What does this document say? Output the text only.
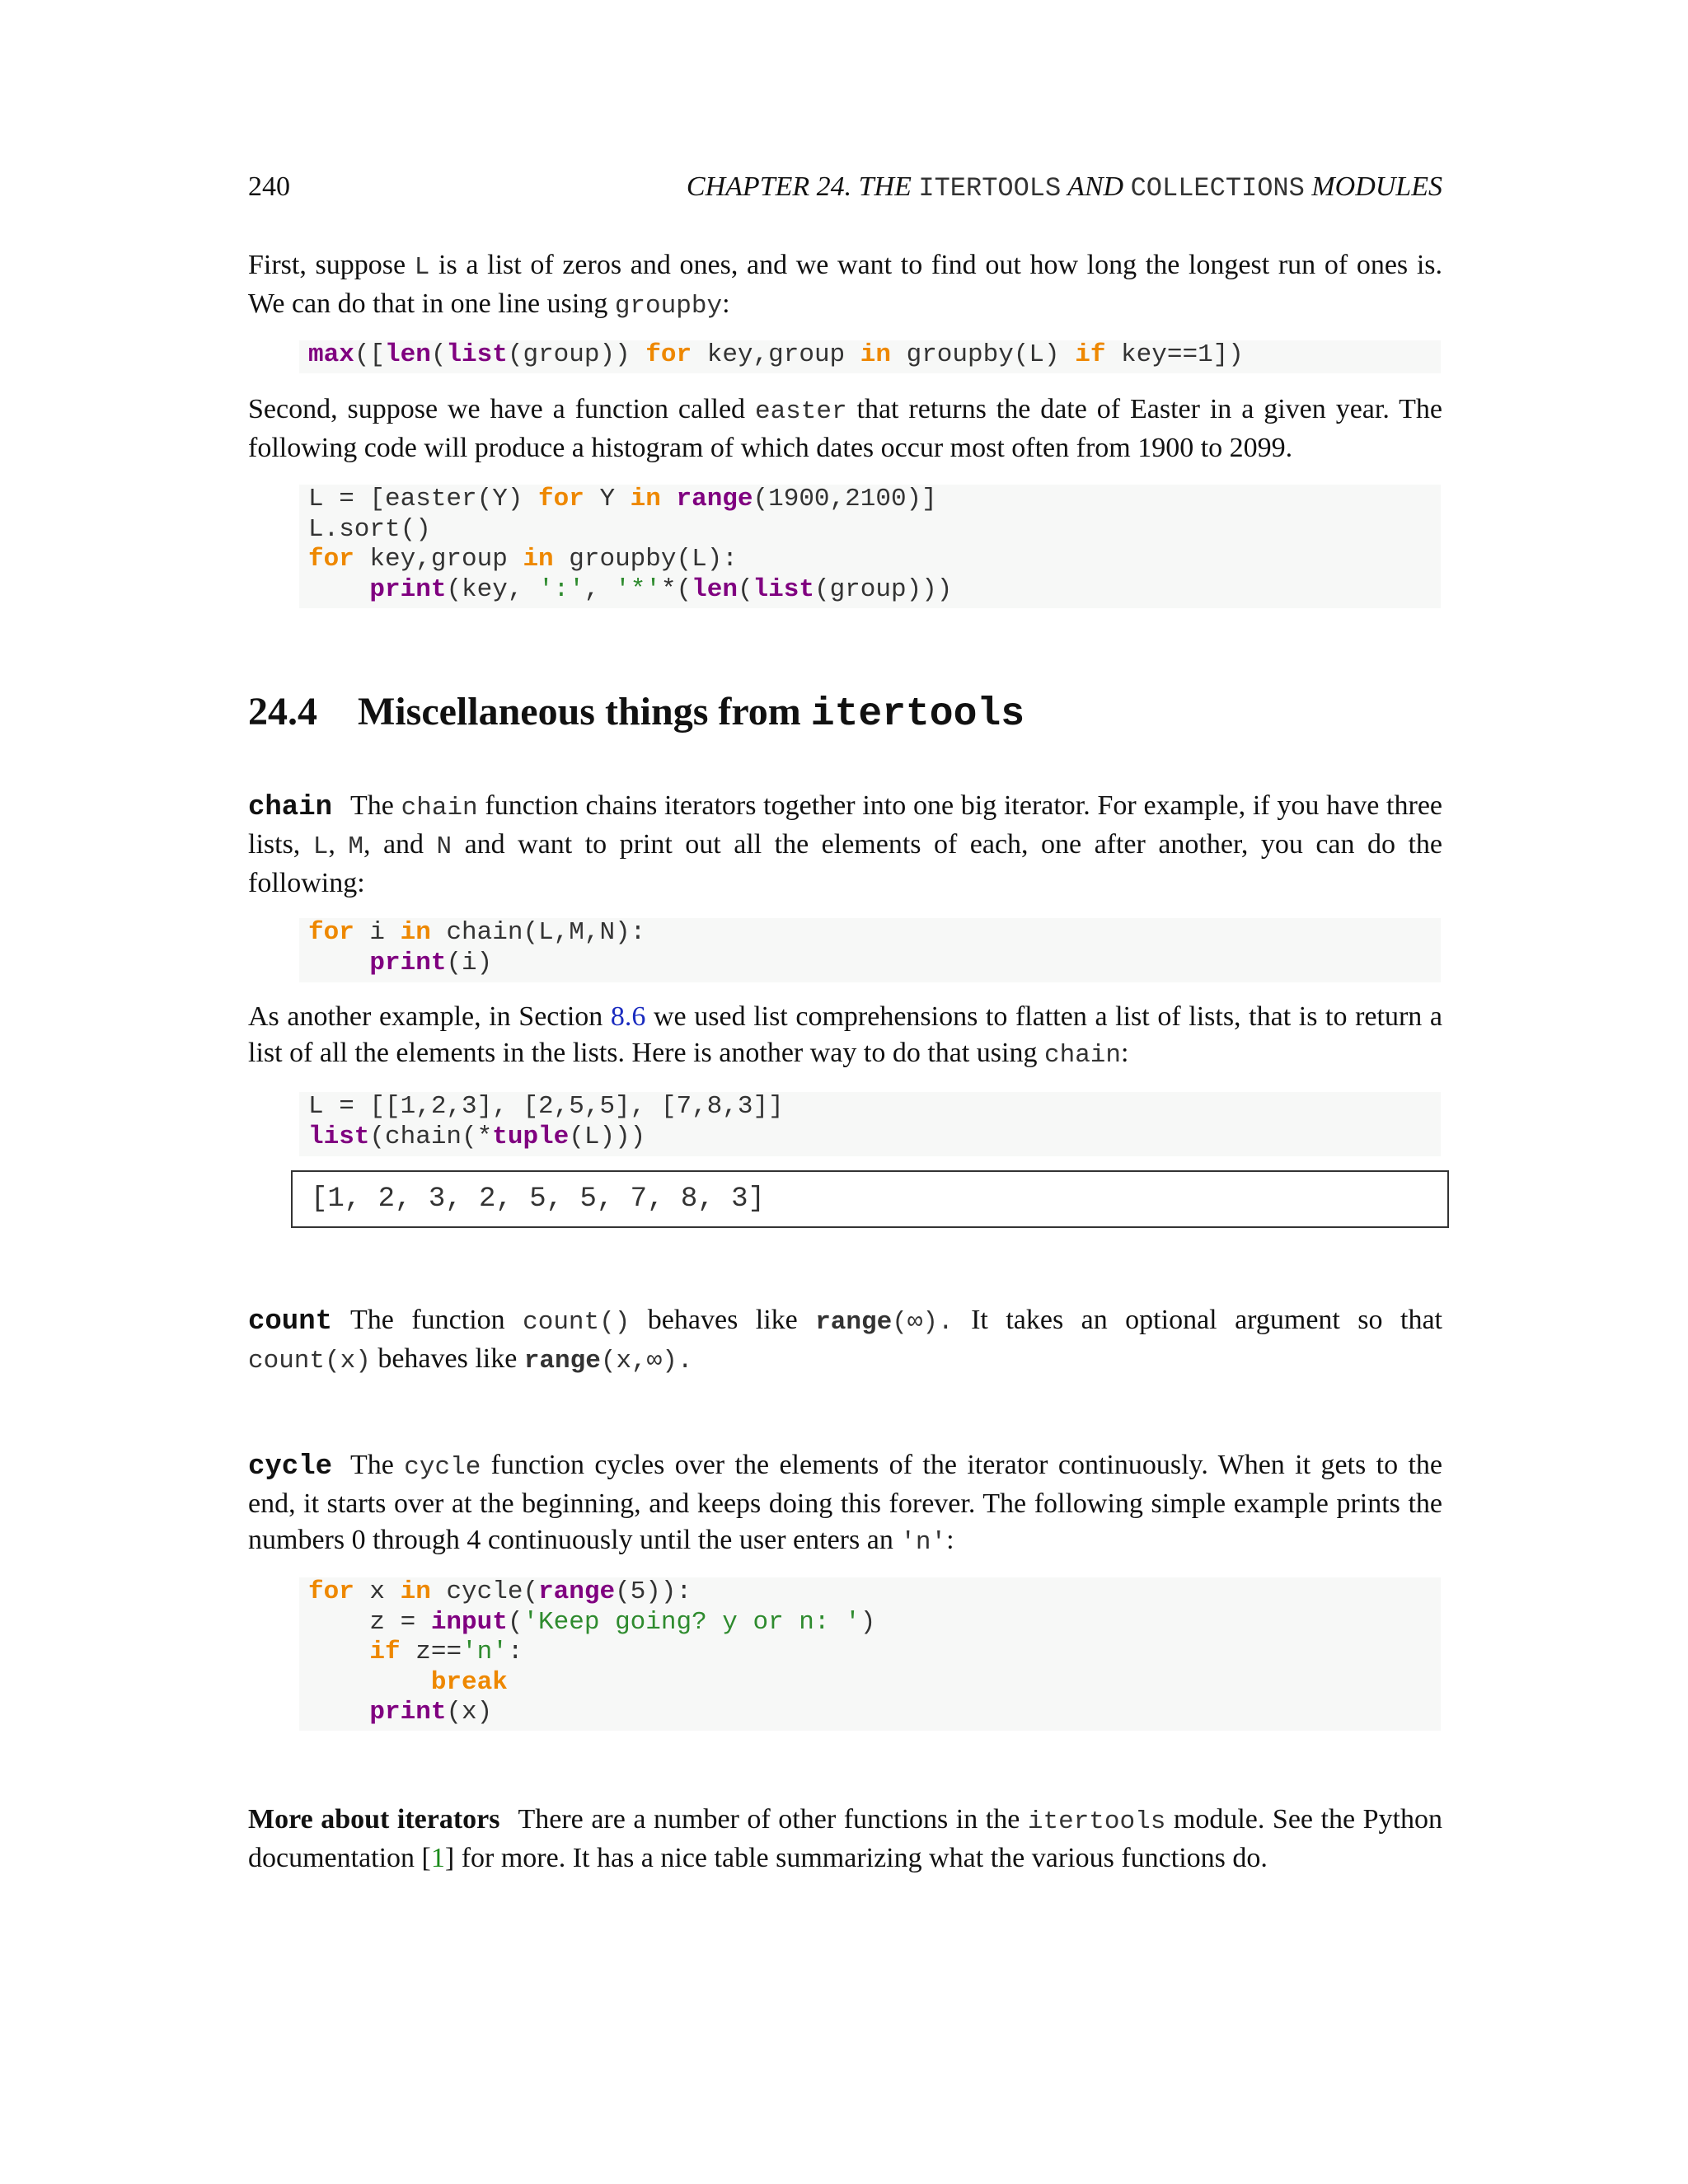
240	CHAPTER 24. THE ITERTOOLS AND COLLECTIONS MODULES
First, suppose L is a list of zeros and ones, and we want to find out how long the longest run of ones is. We can do that in one line using groupby:
max([len(list(group)) for key,group in groupby(L) if key==1])
Second, suppose we have a function called easter that returns the date of Easter in a given year. The following code will produce a histogram of which dates occur most often from 1900 to 2099.
L = [easter(Y) for Y in range(1900,2100)]
L.sort()
for key,group in groupby(L):
print(key, ':', '*'*(len(list(group)))
24.4 Miscellaneous things from itertools
chain The chain function chains iterators together into one big iterator. For example, if you have three lists, L, M, and N and want to print out all the elements of each, one after another, you can do the following:
for i in chain(L,M,N):
print(i)
As another example, in Section 8.6 we used list comprehensions to flatten a list of lists, that is to return a list of all the elements in the lists. Here is another way to do that using chain:
L = [[1,2,3], [2,5,5], [7,8,3]]
list(chain(*tuple(L)))
[1, 2, 3, 2, 5, 5, 7, 8, 3]
count The function count() behaves like range(∞). It takes an optional argument so that count(x) behaves like range(x,∞).
cycle The cycle function cycles over the elements of the iterator continuously. When it gets to the end, it starts over at the beginning, and keeps doing this forever. The following simple example prints the numbers 0 through 4 continuously until the user enters an 'n':
for x in cycle(range(5)):
z = input('Keep going? y or n: ')
if z=='n':
break
print(x)
More about iterators There are a number of other functions in the itertools module. See the Python documentation [1] for more. It has a nice table summarizing what the various functions do.
